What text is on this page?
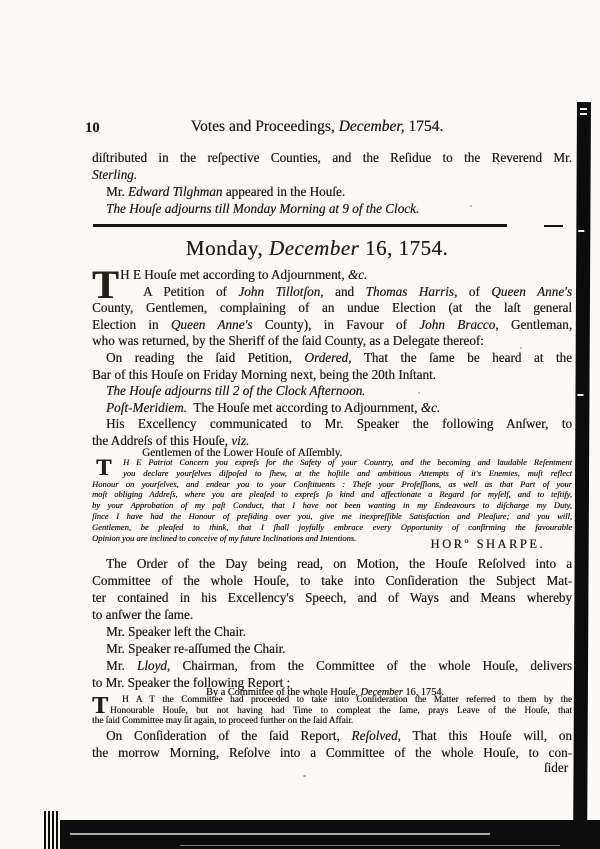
10	Votes and Proceedings, December, 1754.
diſtributed in the reſpective Counties, and the Reſidue to the Reverend Mr.
Sterling.
Mr. Edward Tilghman appeared in the Houſe.
The Houſe adjourns till Monday Morning at 9 of the Clock.
Monday, December 16, 1754.
T H E Houſe met according to Adjournment, &c.
A Petition of John Tillotſon, and Thomas Harris, of Queen Anne's
County, Gentlemen, complaining of an undue Election (at the laſt general
Election in Queen Anne's County), in Favour of John Bracco, Gentleman,
who was returned, by the Sheriff of the ſaid County, as a Delegate thereof:
On reading the ſaid Petition, Ordered, That the ſame be heard at the
Bar of this Houſe on Friday Morning next, being the 20th Inſtant.
The Houſe adjourns till 2 of the Clock Afternoon.
Poſt-Meridiem.  The Houſe met according to Adjournment, &c.
His Excellency communicated to Mr. Speaker the following Anſwer, to
the Addreſs of this Houſe, viz.
Gentlemen of the Lower Houſe of Aſſembly.
T	H E Patriot Concern you expreſs for the Safety of your Country, and the becoming and laudable Reſentment
you declare yourſelves diſpoſed to ſhew, at the hoſtile and ambitious Attempts of it's Enemies, muſt reflect
Honour on yourſelves, and endear you to your Conſtituents : Theſe your Profeſſions, as well as that Part of your
moſt obliging Addreſs, where you are pleaſed to expreſs ſo kind and affectionate a Regard for myſelf, and to teſtify,
by your Approbation of my paſt Conduct, that I have not been wanting in my Endeavours to diſcharge my Duty,
ſince I have had the Honour of preſiding over you, give me inexpreſſible Satisfaction and Pleaſure; and you will,
Gentlemen, be pleaſed to think, that I ſhall joyfully embrace every Opportunity of confirming the favourable
Opinion you are inclined to conceive of my future Inclinations and Intentions.	HORº SHARPE.
The Order of the Day being read, on Motion, the Houſe Reſolved into a
Committee of the whole Houſe, to take into Conſideration the Subject Mat-
ter contained in his Excellency's Speech, and of Ways and Means whereby
to anſwer the ſame.
Mr. Speaker left the Chair.
Mr. Speaker re-aſſumed the Chair.
Mr. Lloyd, Chairman, from the Committee of the whole Houſe, delivers
to Mr. Speaker the following Report ;
By a Committee of the whole Houſe, December 16, 1754.
T	H A T the Committee had proceeded to take into Conſideration the Matter referred to them by the
Honourable Houſe, but not having had Time to compleat the ſame, prays Leave of the Houſe, that
the ſaid Committee may ſit again, to proceed further on the ſaid Affair.
On Conſideration of the ſaid Report, Reſolved, That this Houſe will, on
the morrow Morning, Reſolve into a Committee of the whole Houſe, to con-
ſider
